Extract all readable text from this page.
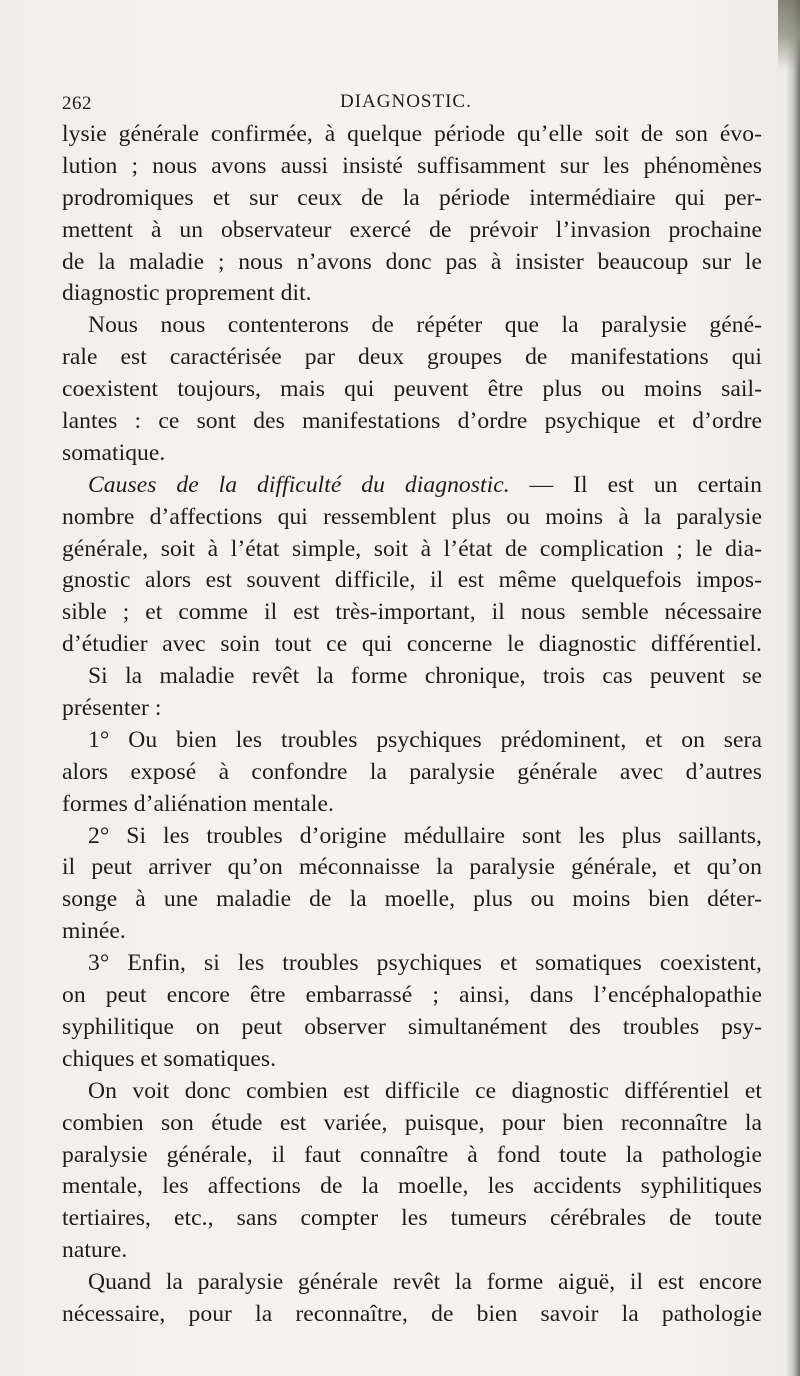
262	DIAGNOSTIC.
lysie générale confirmée, à quelque période qu’elle soit de son évo-
lution ; nous avons aussi insisté suffisamment sur les phénomènes
prodromiques et sur ceux de la période intermédiaire qui per-
mettent à un observateur exercé de prévoir l’invasion prochaine
de la maladie ; nous n’avons donc pas à insister beaucoup sur le
diagnostic proprement dit.
Nous nous contenterons de répéter que la paralysie géné-
rale est caractérisée par deux groupes de manifestations qui
coexistent toujours, mais qui peuvent être plus ou moins sail-
lantes : ce sont des manifestations d’ordre psychique et d’ordre
somatique.
Causes de la difficulté du diagnostic. — Il est un certain
nombre d’affections qui ressemblent plus ou moins à la paralysie
générale, soit à l’état simple, soit à l’état de complication ; le dia-
gnostic alors est souvent difficile, il est même quelquefois impos-
sible ; et comme il est très-important, il nous semble nécessaire
d’étudier avec soin tout ce qui concerne le diagnostic différentiel.
Si la maladie revêt la forme chronique, trois cas peuvent se
présenter :
1° Ou bien les troubles psychiques prédominent, et on sera
alors exposé à confondre la paralysie générale avec d’autres
formes d’aliénation mentale.
2° Si les troubles d’origine médullaire sont les plus saillants,
il peut arriver qu’on méconnaisse la paralysie générale, et qu’on
songe à une maladie de la moelle, plus ou moins bien déter-
minée.
3° Enfin, si les troubles psychiques et somatiques coexistent,
on peut encore être embarrassé ; ainsi, dans l’encéphalopathie
syphilitique on peut observer simultanément des troubles psy-
chiques et somatiques.
On voit donc combien est difficile ce diagnostic différentiel et
combien son étude est variée, puisque, pour bien reconnaître la
paralysie générale, il faut connaître à fond toute la pathologie
mentale, les affections de la moelle, les accidents syphilitiques
tertiaires, etc., sans compter les tumeurs cérébrales de toute
nature.
Quand la paralysie générale revêt la forme aiguë, il est encore
nécessaire, pour la reconnaître, de bien savoir la pathologie
